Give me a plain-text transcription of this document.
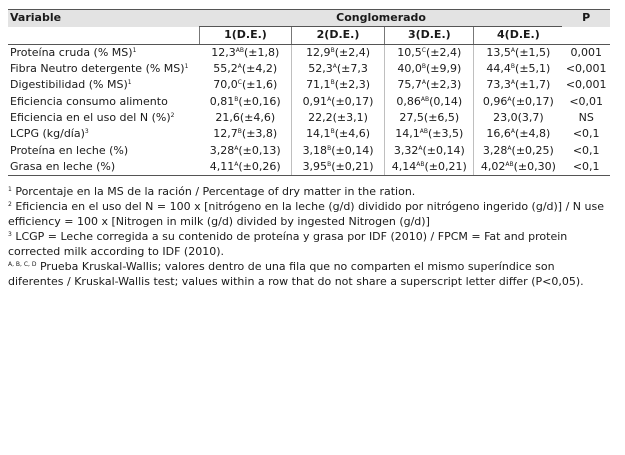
Variable	Conglomerado				P
	1(D.E.)	2(D.E.)	3(D.E.)	4(D.E.)	
Proteína cruda (% MS)$^1$	$12,3^{AB}(\pm 1,8)$	$12,9^B(\pm 2,4)$	$10,5^C(\pm 2,4)$	$13,5^A(\pm 1,5)$	0,001
Fibra Neutro detergente (% MS)$^1$	$55,2^A(\pm 4,2)$	$52,3^A(\pm 7,3$	$40,0^B(\pm 9,9)$	$44,4^B(\pm 5,1)$	<0,001
Digestibilidad (% MS)$^1$	$70,0^C(\pm 1,6)$	$71,1^B(\pm 2,3)$	$75,7^A(\pm 2,3)$	$73,3^A(\pm 1,7)$	<0,001
Eficiencia consumo alimento	$0,81^B(\pm 0,16)$	$0,91^A(\pm 0,17)$	$0,86^{AB}(0,14)$	$0,96^A(\pm 0,17)$	<0,01
Eficiencia en el uso del N (%)$^2$	21,6(±4,6)	22,2(±3,1)	27,5(±6,5)	23,0(3,7)	NS
LCPG (kg/día)$^3$	$12,7^B(\pm 3,8)$	$14,1^B(\pm 4,6)$	$14,1^{AB}(\pm 3,5)$	$16,6^A(\pm 4,8)$	<0,1
Proteína en leche (%)	$3,28^A(\pm 0,13)$	$3,18^B(\pm 0,14)$	$3,32^A(\pm 0,14)$	$3,28^A(\pm 0,25)$	<0,1
Grasa en leche (%)	$4,11^A(\pm 0,26)$	$3,95^B(\pm 0,21)$	$4,14^{AB}(\pm 0,21)$	$4,02^{AB}(\pm 0,30)$	<0,1

$^1$ Porcentaje en la MS de la ración / Percentage of dry matter in the ration.

$^2$ Eficiencia en el uso del N = 100 x [nitrógeno en la leche (g/d) dividido por nitrógeno ingerido (g/d)] / N use efficiency = 100 x [Nitrogen in milk (g/d) divided by ingested Nitrogen (g/d)]

$^3$ LCGP = Leche corregida a su contenido de proteína y grasa por IDF (2010) / FPCM = Fat and protein corrected milk according to IDF (2010).

$^{A, B, C, D}$ Prueba Kruskal-Wallis; valores dentro de una fila que no comparten el mismo superíndice son diferentes / Kruskal-Wallis test; values within a row that do not share a superscript letter differ (P<0,05).
